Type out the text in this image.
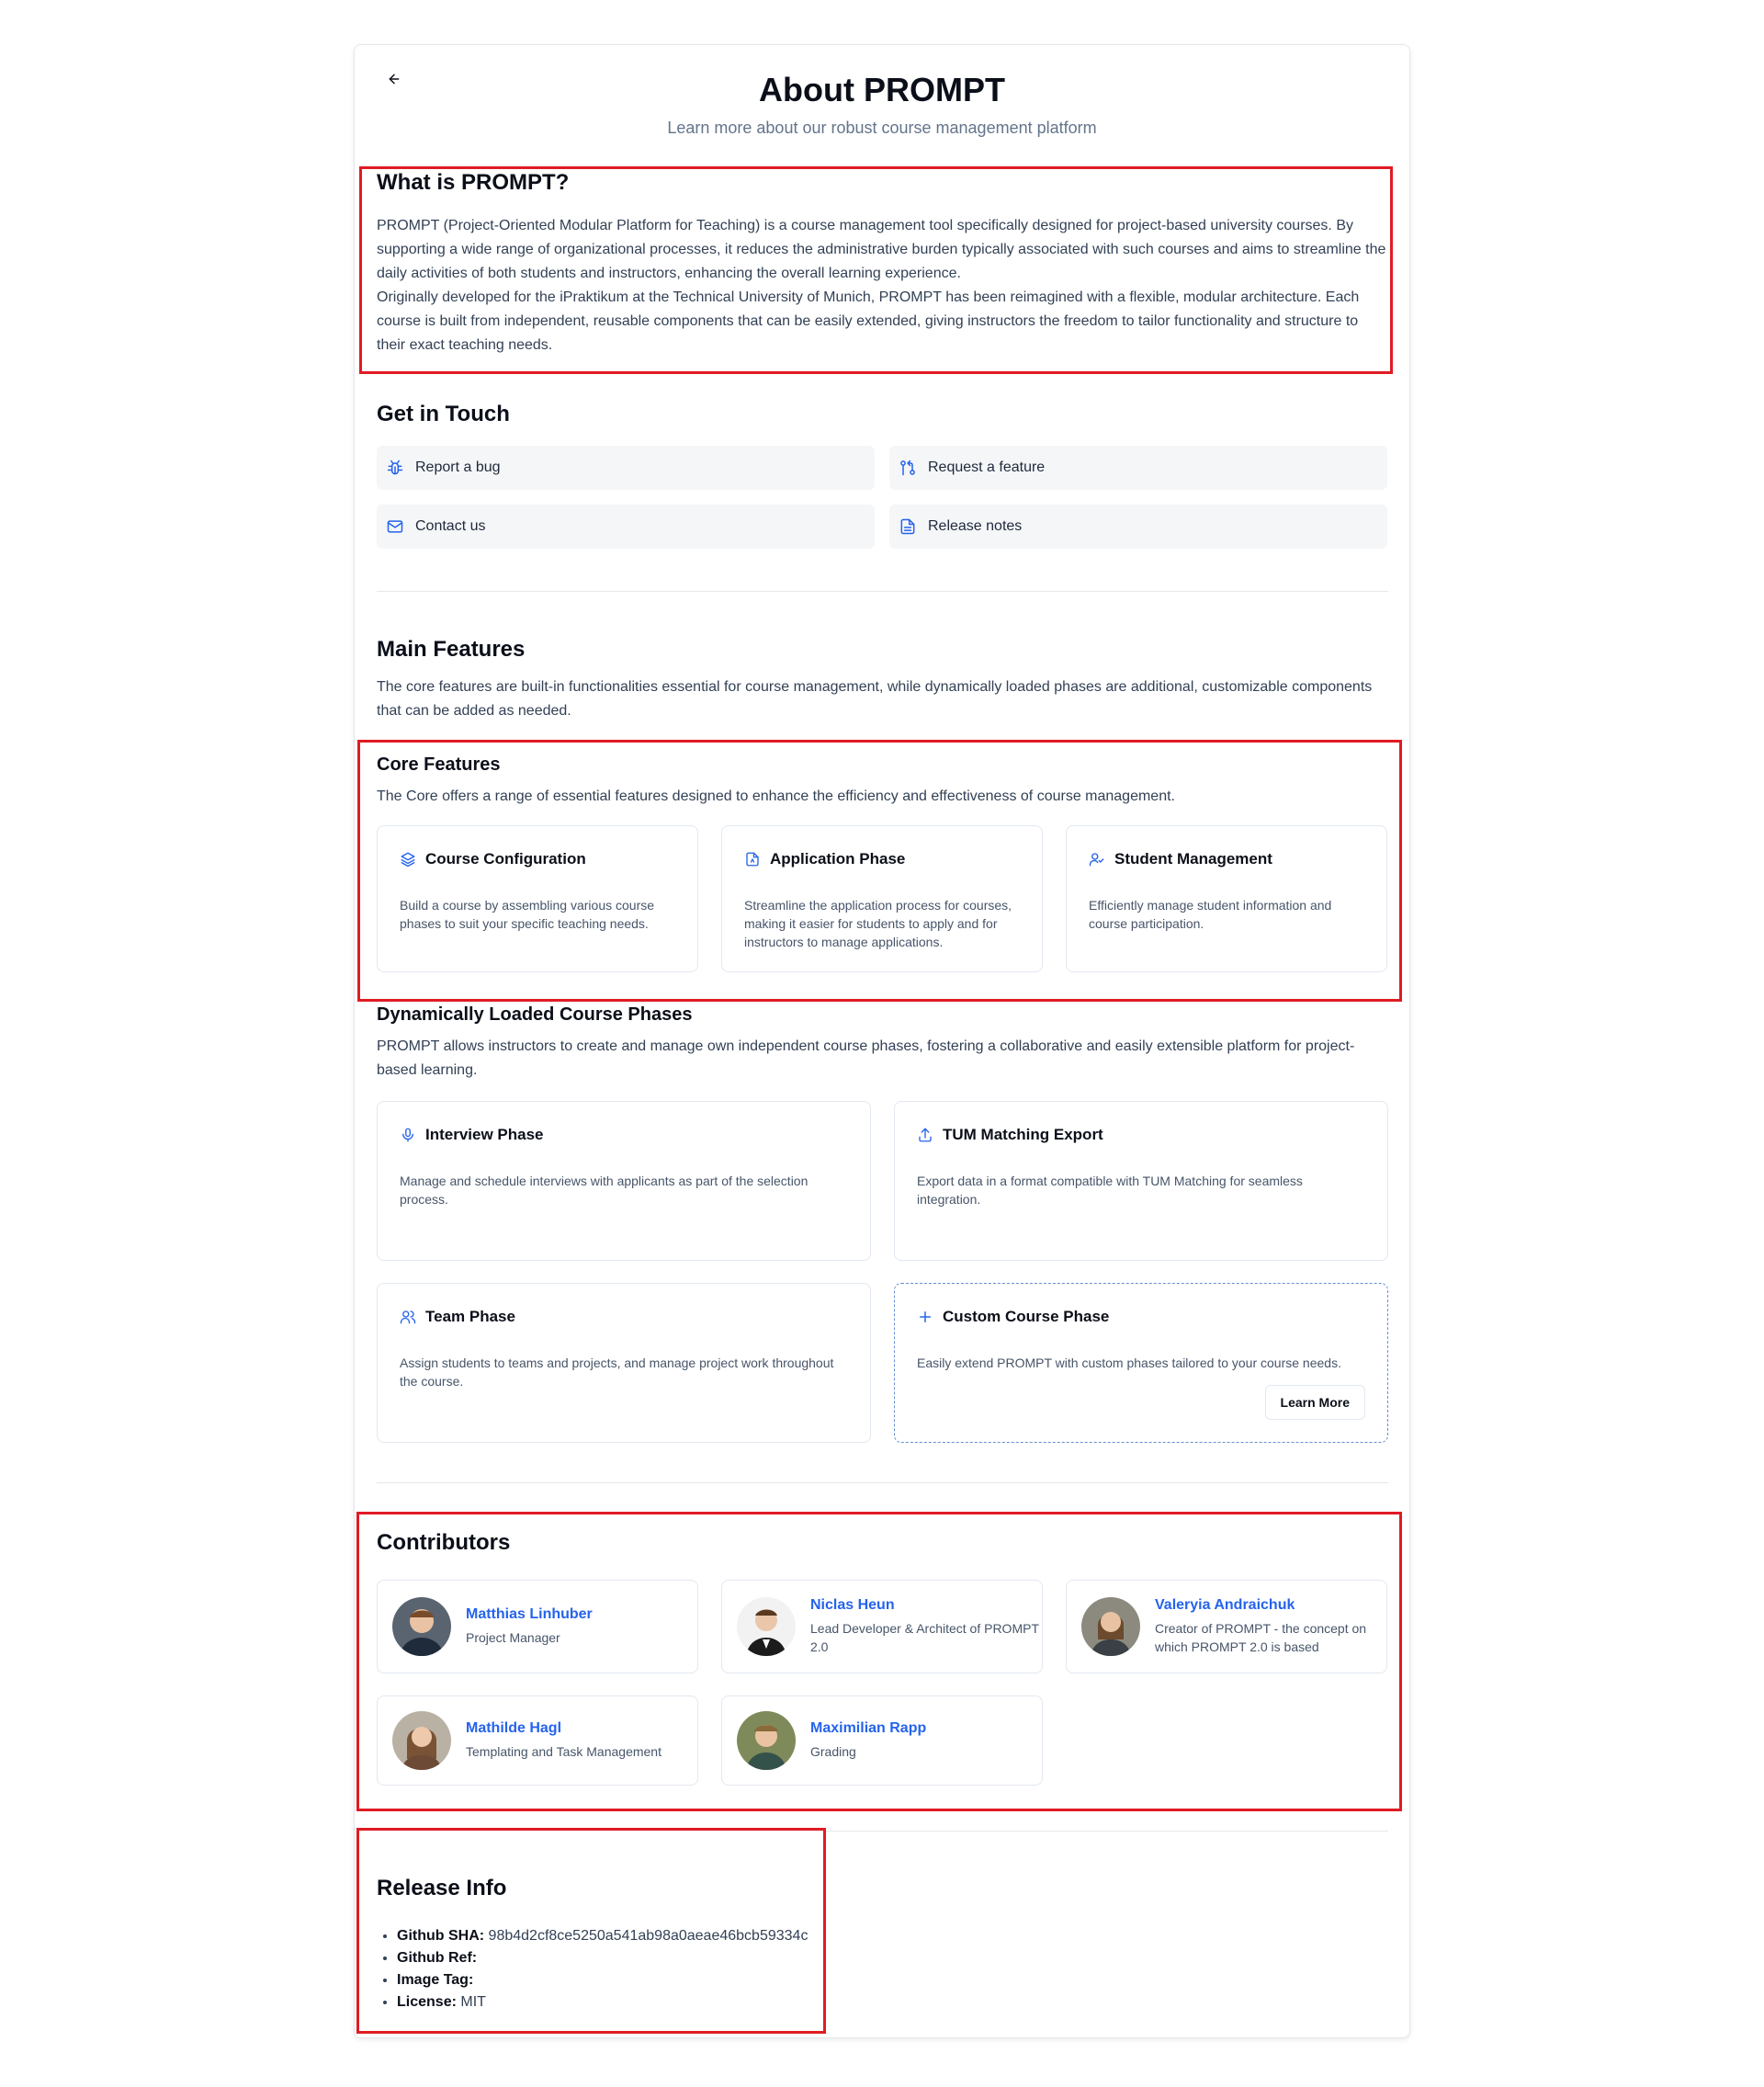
About PROMPT
Learn more about our robust course management platform
What is PROMPT?

PROMPT (Project-Oriented Modular Platform for Teaching) is a course management tool specifically designed for project-based university courses. By supporting a wide range of organizational processes, it reduces the administrative burden typically associated with such courses and aims to streamline the daily activities of both students and instructors, enhancing the overall learning experience.

Originally developed for the iPraktikum at the Technical University of Munich, PROMPT has been reimagined with a flexible, modular architecture. Each course is built from independent, reusable components that can be easily extended, giving instructors the freedom to tailor functionality and structure to their exact teaching needs.

Get in Touch
Report a bug	Request a feature
Contact us	Release notes
Main Features

The core features are built-in functionalities essential for course management, while dynamically loaded phases are additional, customizable components that can be added as needed.

Core Features

The Core offers a range of essential features designed to enhance the efficiency and effectiveness of course management.

Course Configuration
Build a course by assembling various course phases to suit your specific teaching needs.
Application Phase
Streamline the application process for courses, making it easier for students to apply and for instructors to manage applications.
Student Management
Efficiently manage student information and course participation.
Dynamically Loaded Course Phases

PROMPT allows instructors to create and manage own independent course phases, fostering a collaborative and easily extensible platform for project-based learning.

Interview Phase
Manage and schedule interviews with applicants as part of the selection process.
TUM Matching Export
Export data in a format compatible with TUM Matching for seamless integration.
Team Phase
Assign students to teams and projects, and manage project work throughout the course.
Custom Course Phase
Easily extend PROMPT with custom phases tailored to your course needs.
Learn More
Contributors
Matthias Linhuber
Project Manager
Niclas Heun
Lead Developer & Architect of PROMPT 2.0
Valeryia Andraichuk
Creator of PROMPT - the concept on which PROMPT 2.0 is based
Mathilde Hagl
Templating and Task Management
Maximilian Rapp
Grading
Release Info
• Github SHA: 98b4d2cf8ce5250a541ab98a0aeae46bcb59334c
• Github Ref:
• Image Tag:
• License: MIT
